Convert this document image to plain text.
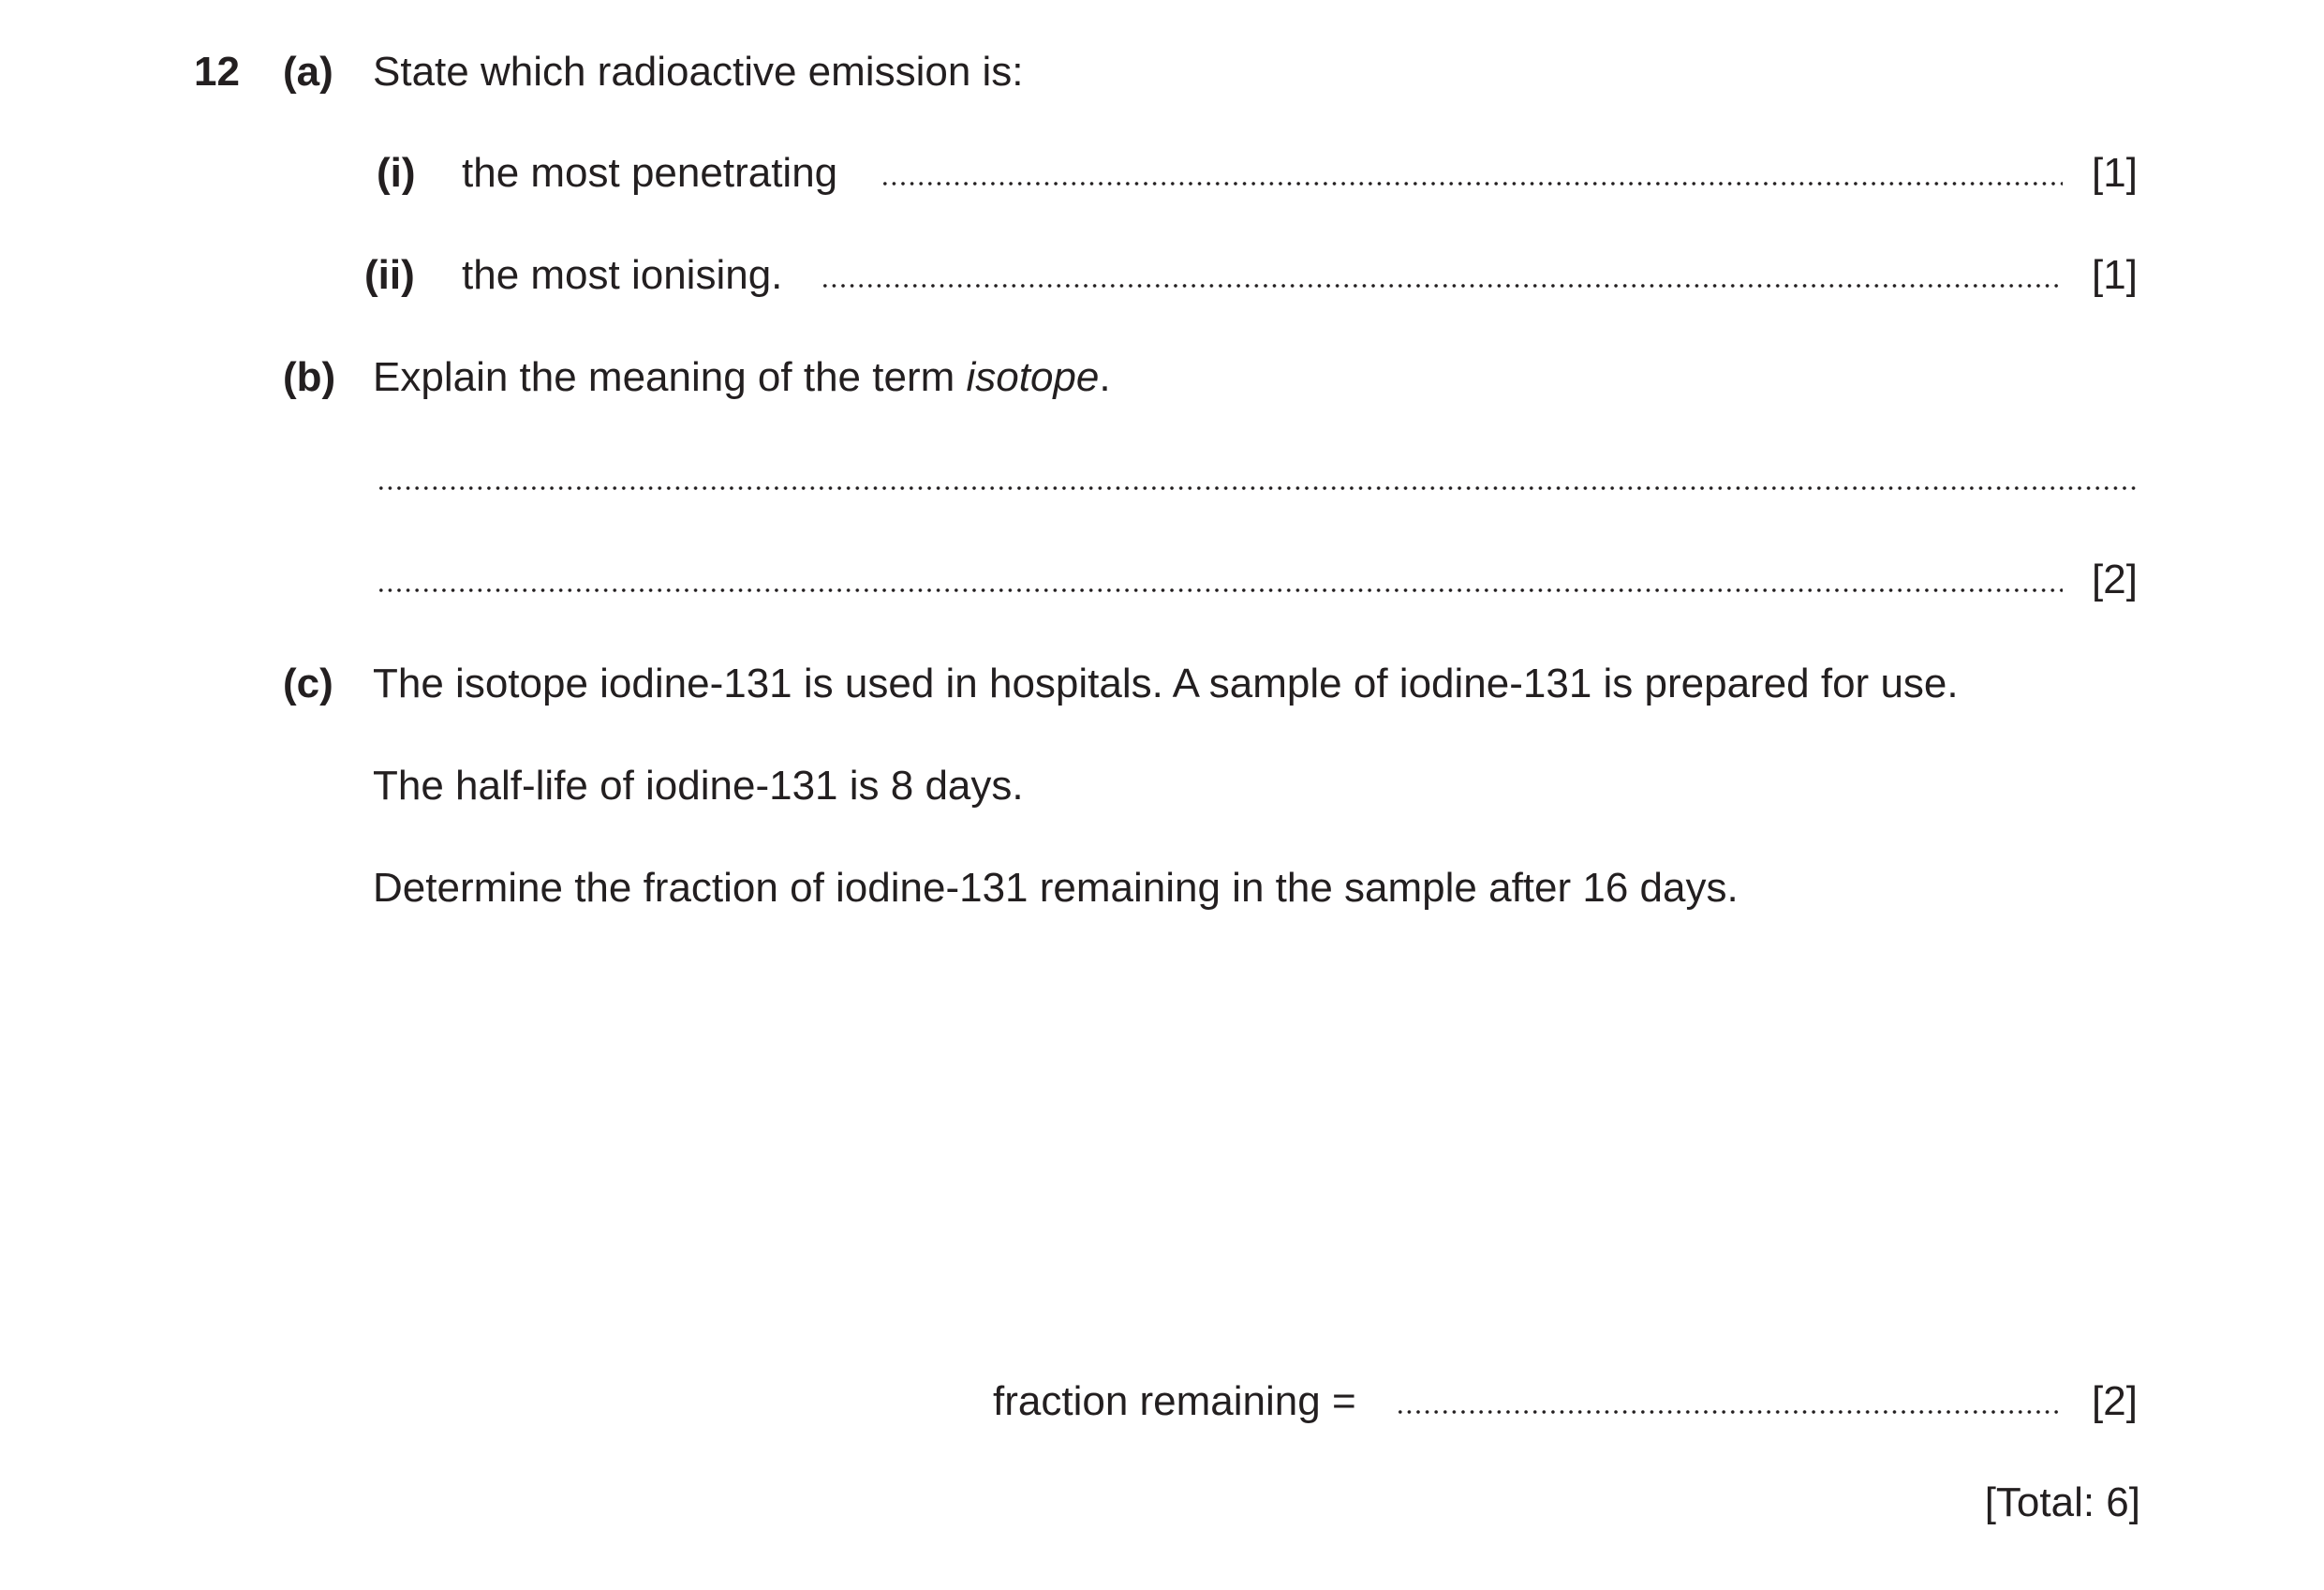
12 (a) State which radioactive emission is:
(i) the most penetrating	[1]
(ii) the most ionising.	[1]
(b) Explain the meaning of the term isotope.
[2]
(c) The isotope iodine-131 is used in hospitals. A sample of iodine-131 is prepared for use.
The half-life of iodine-131 is 8 days.
Determine the fraction of iodine-131 remaining in the sample after 16 days.
fraction remaining =	[2]
[Total: 6]
